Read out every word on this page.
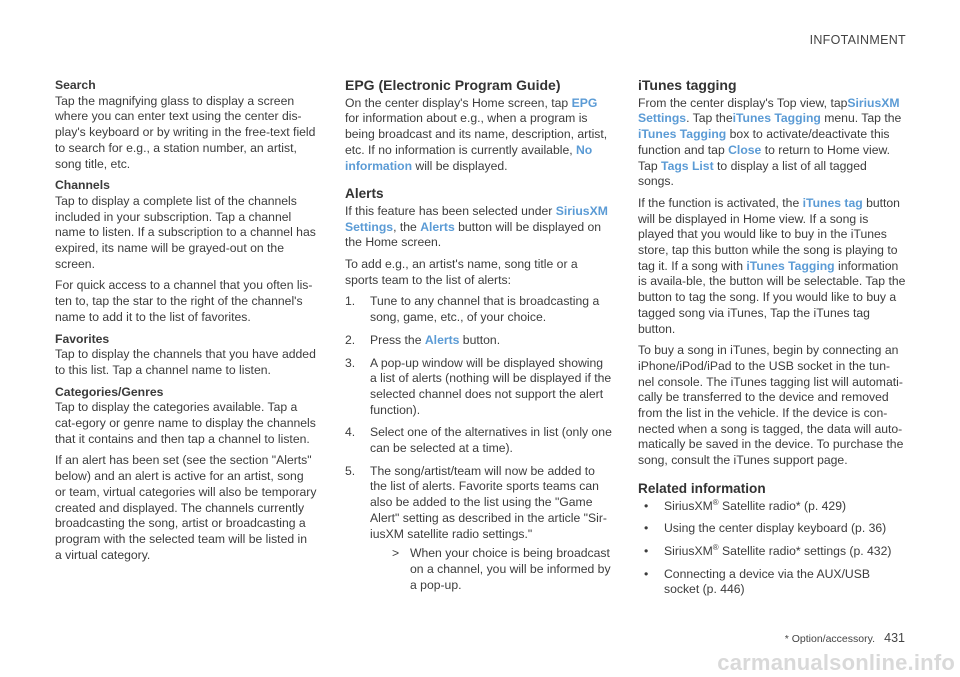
INFOTAINMENT
Search

Tap the magnifying glass to display a screen where you can enter text using the center dis-play's keyboard or by writing in the free-text field to search for e.g., a station number, an artist, song title, etc.

Channels

Tap to display a complete list of the channels included in your subscription. Tap a channel name to listen. If a subscription to a channel has expired, its name will be grayed-out on the screen.

For quick access to a channel that you often lis-ten to, tap the star to the right of the channel's name to add it to the list of favorites.

Favorites

Tap to display the channels that you have added to this list. Tap a channel name to listen.

Categories/Genres

Tap to display the categories available. Tap a cat-egory or genre name to display the channels that it contains and then tap a channel to listen.

If an alert has been set (see the section "Alerts" below) and an alert is active for an artist, song or team, virtual categories will also be temporary created and displayed. The channels currently broadcasting the song, artist or broadcasting a program with the selected team will be listed in a virtual category.

EPG (Electronic Program Guide)

On the center display's Home screen, tap EPG for information about e.g., when a program is being broadcast and its name, description, artist, etc. If no information is currently available, No information will be displayed.

Alerts

If this feature has been selected under SiriusXM Settings, the Alerts button will be displayed on the Home screen.

To add e.g., an artist's name, song title or a sports team to the list of alerts:

1. Tune to any channel that is broadcasting a song, game, etc., of your choice.
2. Press the Alerts button.
3. A pop-up window will be displayed showing a list of alerts (nothing will be displayed if the selected channel does not support the alert function).
4. Select one of the alternatives in list (only one can be selected at a time).
5. The song/artist/team will now be added to the list of alerts. Favorite sports teams can also be added to the list using the "Game Alert" setting as described in the article "Sir-iusXM satellite radio settings."
> When your choice is being broadcast on a channel, you will be informed by a pop-up.
iTunes tagging

From the center display's Top view, tapSiriusXM Settings. Tap theiTunes Tagging menu. Tap the iTunes Tagging box to activate/deactivate this function and tap Close to return to Home view. Tap Tags List to display a list of all tagged songs.

If the function is activated, the iTunes tag button will be displayed in Home view. If a song is played that you would like to buy in the iTunes store, tap this button while the song is playing to tag it. If a song with iTunes Tagging information is availa-ble, the button will be selectable. Tap the button to tag the song. If you would like to buy a tagged song via iTunes, Tap the iTunes tag button.

To buy a song in iTunes, begin by connecting an iPhone/iPod/iPad to the USB socket in the tun-nel console. The iTunes tagging list will automati-cally be transferred to the device and removed from the list in the vehicle. If the device is con-nected when a song is tagged, the data will auto-matically be saved in the device. To purchase the song, consult the iTunes support page.

Related information
• SiriusXM® Satellite radio* (p. 429)
• Using the center display keyboard (p. 36)
• SiriusXM® Satellite radio* settings (p. 432)
• Connecting a device via the AUX/USB socket (p. 446)
* Option/accessory. 431
carmanualsonline.info
